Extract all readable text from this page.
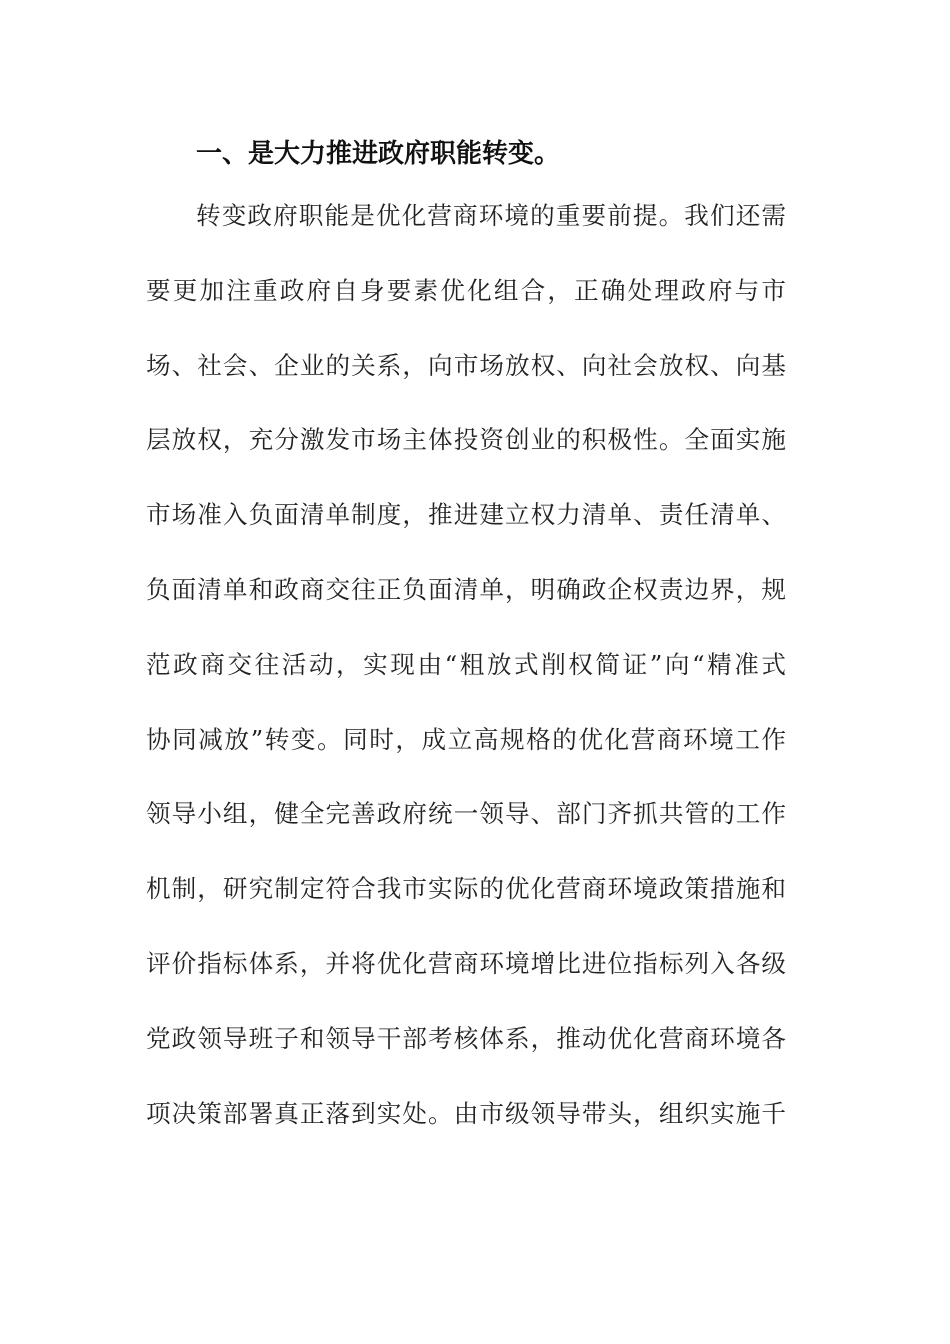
一、是大力推进政府职能转变。
转变政府职能是优化营商环境的重要前提。我们还需
要更加注重政府自身要素优化组合，正确处理政府与市
场、社会、企业的关系，向市场放权、向社会放权、向基
层放权，充分激发市场主体投资创业的积极性。全面实施
市场准入负面清单制度，推进建立权力清单、责任清单、
负面清单和政商交往正负面清单，明确政企权责边界，规
范政商交往活动，实现由“粗放式削权简证”向“精准式
协同减放”转变。同时，成立高规格的优化营商环境工作
领导小组，健全完善政府统一领导、部门齐抓共管的工作
机制，研究制定符合我市实际的优化营商环境政策措施和
评价指标体系，并将优化营商环境增比进位指标列入各级
党政领导班子和领导干部考核体系，推动优化营商环境各
项决策部署真正落到实处。由市级领导带头，组织实施千
